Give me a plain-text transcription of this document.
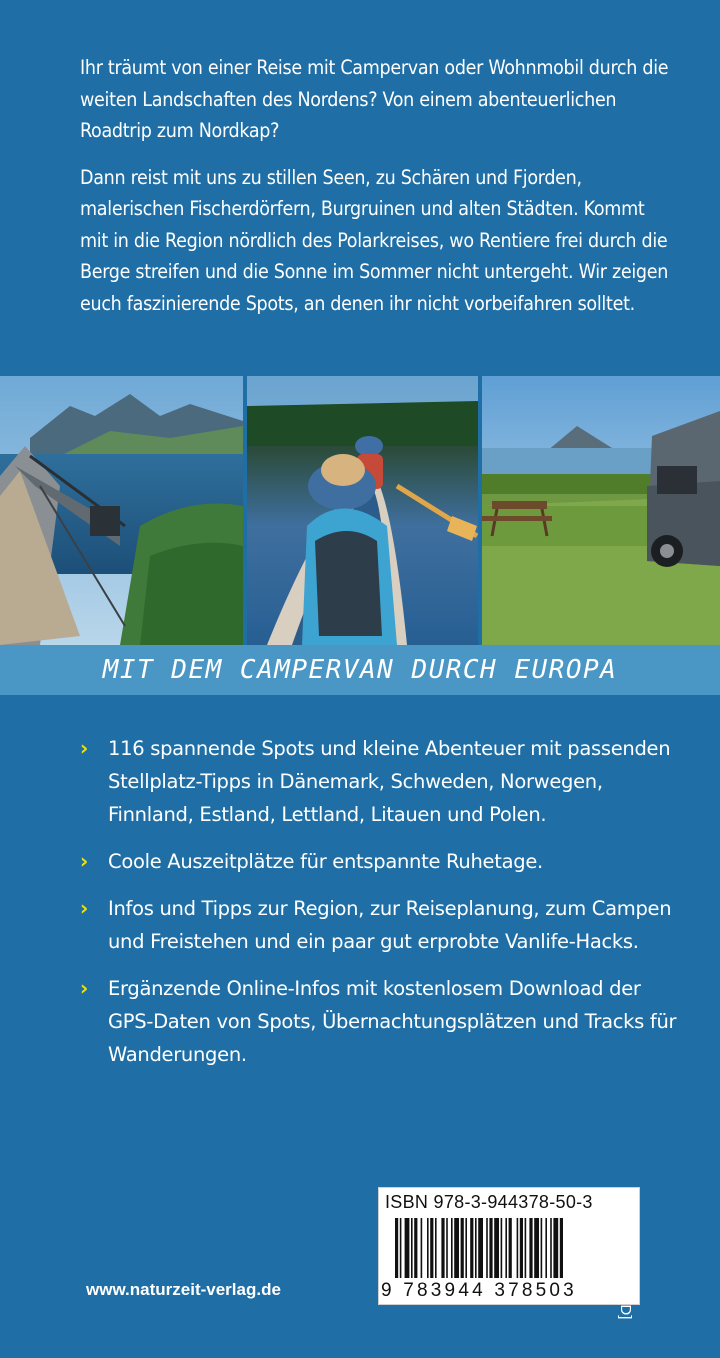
Ihr träumt von einer Reise mit Campervan oder Wohnmobil durch die weiten Landschaften des Nordens? Von einem abenteuerlichen Roadtrip zum Nordkap?

Dann reist mit uns zu stillen Seen, zu Schären und Fjorden, malerischen Fischerdörfern, Burgruinen und alten Städten. Kommt mit in die Region nördlich des Polarkreises, wo Rentiere frei durch die Berge streifen und die Sonne im Sommer nicht untergeht. Wir zeigen euch faszinierende Spots, an denen ihr nicht vorbeifahren solltet.

MIT DEM CAMPERVAN DURCH EUROPA
› 116 spannende Spots und kleine Abenteuer mit passenden Stellplatz-Tipps in Dänemark, Schweden, Norwegen, Finnland, Estland, Lettland, Litauen und Polen.
› Coole Auszeitplätze für entspannte Ruhetage.
› Infos und Tipps zur Region, zur Reiseplanung, zum Campen und Freistehen und ein paar gut erprobte Vanlife-Hacks.
› Ergänzende Online-Infos mit kostenlosem Download der GPS-Daten von Spots, Übernachtungsplätzen und Tracks für Wanderungen.
www.naturzeit-verlag.de
ISBN 978-3-944378-50-3
9 783944 378503	€ 26,00 [D]
